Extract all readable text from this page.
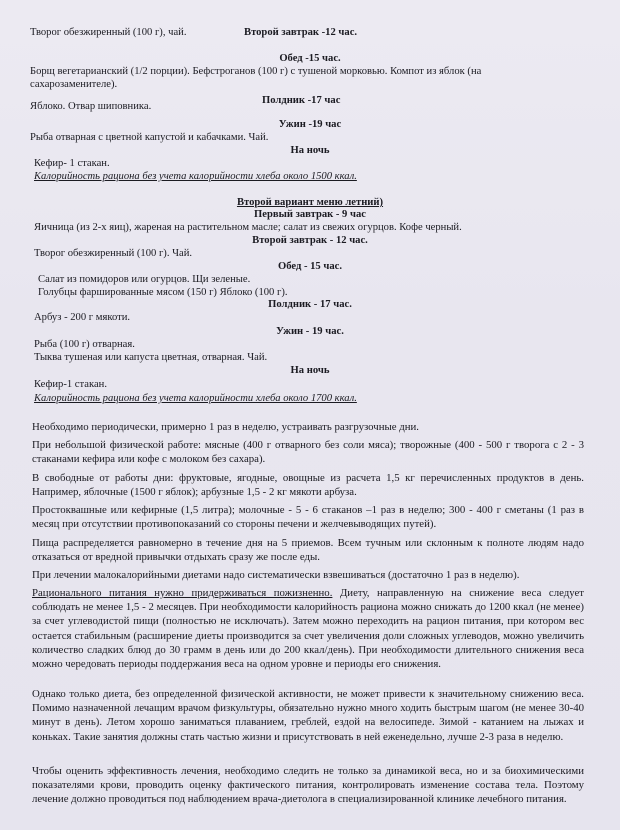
Творог обезжиренный (100 г), чай.	Второй завтрак -12 час.
Обед -15 час.
Борщ вегетарианский (1/2 порции). Бефстроганов (100 г) с тушеной морковью. Компот из яблок (на
сахарозаменителе).
Яблоко. Отвар шиповника.
Полдник -17 час
Ужин -19 час
Рыба отварная с цветной капустой и кабачками. Чай.
На ночь
Кефир- 1 стакан.
Калорийность рациона без учета калорийности хлеба около 1500 ккал.
Второй вариант меню летний)
Первый завтрак - 9 час
Яичница (из 2-х яиц), жареная на растительном масле; салат из свежих огурцов. Кофе черный.
Второй завтрак - 12 час.
Творог обезжиренный (100 г). Чай.
Обед - 15 час.
Салат из помидоров или огурцов. Щи зеленые.
Голубцы фаршированные мясом (150 г) Яблоко (100 г).
Полдник - 17 час.
Арбуз - 200 г мякоти.
Ужин - 19 час.
Рыба (100 г) отварная.
Тыква тушеная или капуста цветная, отварная. Чай.
На ночь
Кефир-1 стакан.
Калорийность рациона без учета калорийности хлеба около 1700 ккал.
Необходимо периодически, примерно 1 раз в неделю, устраивать разгрузочные дни.
При небольшой физической работе: мясные (400 г отварного без соли мяса); творожные (400 - 500 г творога с 2 - 3 стаканами кефира или кофе с молоком без сахара).
В свободные от работы дни: фруктовые, ягодные, овощные из расчета 1,5 кг перечисленных продуктов в день. Например, яблочные (1500 г яблок); арбузные 1,5 - 2 кг мякоти арбуза.
Простоквашные или кефирные (1,5 литра); молочные - 5 - 6 стаканов –1 раз в неделю; 300 - 400 г сметаны (1 раз в месяц при отсутствии противопоказаний со стороны печени и желчевыводящих путей).
Пища распределяется равномерно в течение дня на 5 приемов. Всем тучным или склонным к полноте людям надо отказаться от вредной привычки отдыхать сразу же после еды.
При лечении малокалорийными диетами надо систематически взвешиваться (достаточно 1 раз в неделю).
Рационального питания нужно придерживаться пожизненно. Диету, направленную на снижение веса следует соблюдать не менее 1,5 - 2 месяцев. При необходимости калорийность рациона можно снижать до 1200 ккал (не менее) за счет углеводистой пищи (полностью не исключать). Затем можно переходить на рацион питания, при котором вес остается стабильным (расширение диеты производится за счет увеличения доли сложных углеводов, можно увеличить количество сладких блюд до 30 грамм в день или до 200 ккал/день). При необходимости длительного снижения веса можно чередовать периоды поддержания веса на одном уровне и периоды его снижения.
Однако только диета, без определенной физической активности, не может привести к значительному снижению веса. Помимо назначенной лечащим врачом физкультуры, обязательно нужно много ходить быстрым шагом (не менее 30-40 минут в день). Летом хорошо заниматься плаванием, греблей, ездой на велосипеде. Зимой - катанием на лыжах и коньках. Такие занятия должны стать частью жизни и присутствовать в ней еженедельно, лучше 2-3 раза в неделю.
Чтобы оценить эффективность лечения, необходимо следить не только за динамикой веса, но и за биохимическими показателями крови, проводить оценку фактического питания, контролировать изменение состава тела. Поэтому лечение должно проводиться под наблюдением врача-диетолога в специализированной клинике лечебного питания.
